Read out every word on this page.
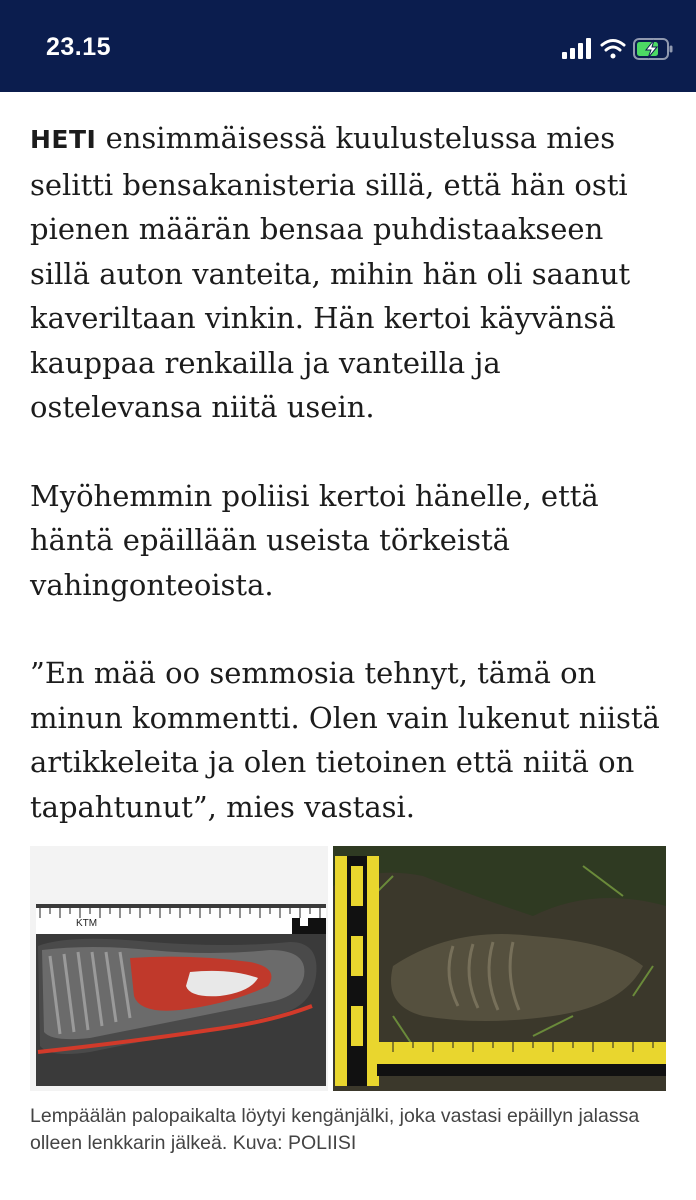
23.15

HETI ensimmäisessä kuulustelussa mies selitti bensakanisteria sillä, että hän osti pienen määrän bensaa puhdistaakseen sillä auton vanteita, mihin hän oli saanut kaveriltaan vinkin. Hän kertoi käyvänsä kauppaa renkailla ja vanteilla ja ostelevansa niitä usein.

Myöhemmin poliisi kertoi hänelle, että häntä epäillään useista törkeistä vahingonteoista.

”En mää oo semmosia tehnyt, tämä on minun kommentti. Olen vain lukenut niistä artikkeleita ja olen tietoinen että niitä on tapahtunut”, mies vastasi.

KTM
Lempäälän palopaikalta löytyi kengänjälki, joka vastasi epäillyn jalassa olleen lenkkarin jälkeä. Kuva: POLIISI
